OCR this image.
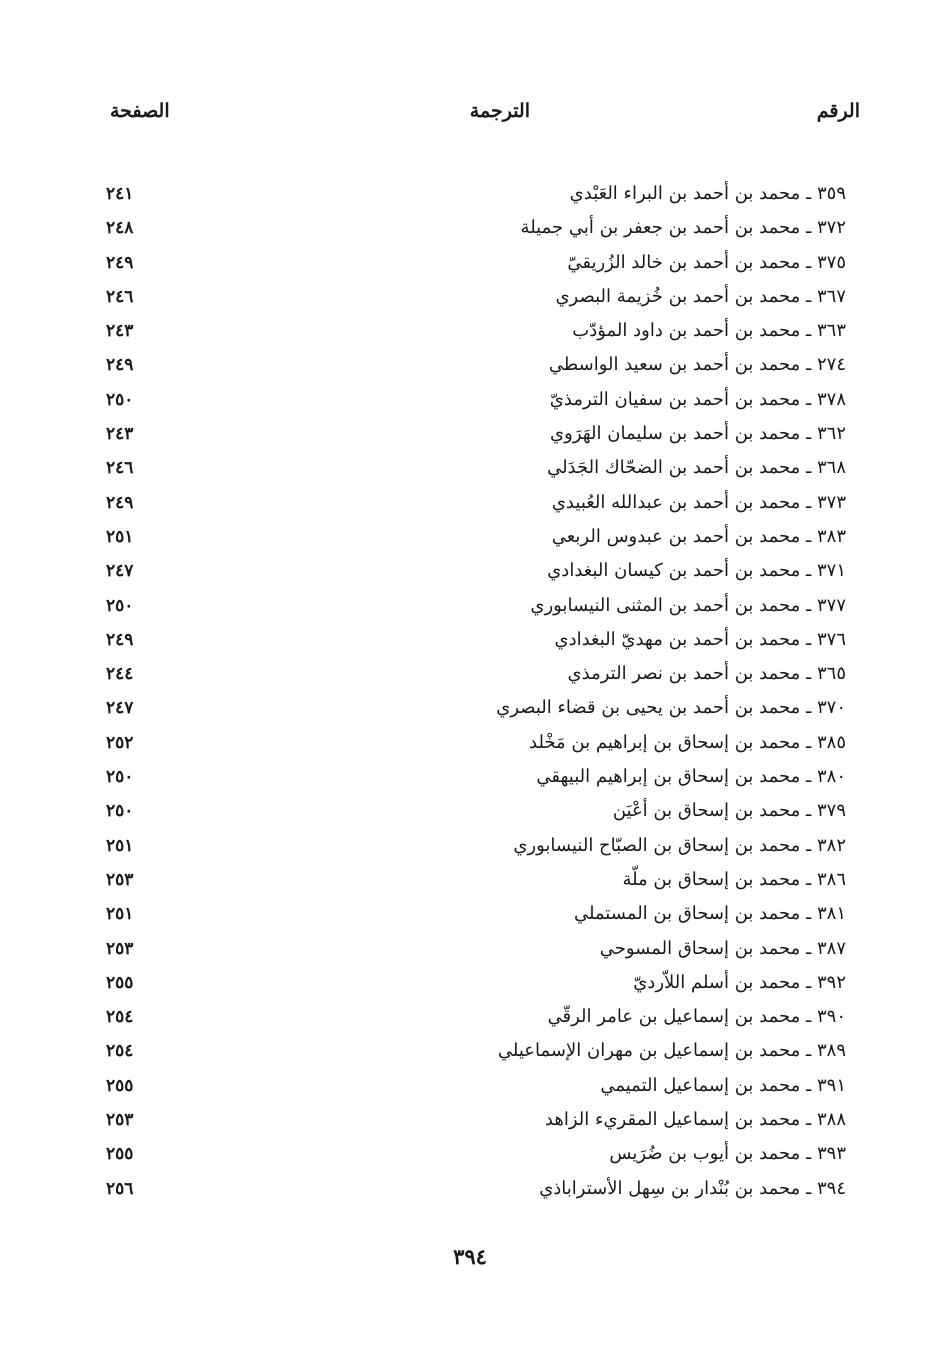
الرقم
الترجمة
الصفحة
٣٥٩ ـ محمد بن أحمد بن البراء العَبْدي
٢٤١
٣٧٢ ـ محمد بن أحمد بن جعفر بن أبي جميلة
٢٤٨
٣٧٥ ـ محمد بن أحمد بن خالد الزُريقيّ
٢٤٩
٣٦٧ ـ محمد بن أحمد بن خُزيمة البصري
٢٤٦
٣٦٣ ـ محمد بن أحمد بن داود المؤدّب
٢٤٣
٢٧٤ ـ محمد بن أحمد بن سعيد الواسطي
٢٤٩
٣٧٨ ـ محمد بن أحمد بن سفيان الترمذيّ
٢٥٠
٣٦٢ ـ محمد بن أحمد بن سليمان الهَرَوي
٢٤٣
٣٦٨ ـ محمد بن أحمد بن الضحّاك الجَدَلي
٢٤٦
٣٧٣ ـ محمد بن أحمد بن عبدالله العُبيدي
٢٤٩
٣٨٣ ـ محمد بن أحمد بن عبدوس الربعي
٢٥١
٣٧١ ـ محمد بن أحمد بن كيسان البغدادي
٢٤٧
٣٧٧ ـ محمد بن أحمد بن المثنى النيسابوري
٢٥٠
٣٧٦ ـ محمد بن أحمد بن مهديّ البغدادي
٢٤٩
٣٦٥ ـ محمد بن أحمد بن نصر الترمذي
٢٤٤
٣٧٠ ـ محمد بن أحمد بن يحيى بن قضاء البصري
٢٤٧
٣٨٥ ـ محمد بن إسحاق بن إبراهيم بن مَخْلد
٢٥٢
٣٨٠ ـ محمد بن إسحاق بن إبراهيم البيهقي
٢٥٠
٣٧٩ ـ محمد بن إسحاق بن أعْيَن
٢٥٠
٣٨٢ ـ محمد بن إسحاق بن الصبّاح النيسابوري
٢٥١
٣٨٦ ـ محمد بن إسحاق بن ملّة
٢٥٣
٣٨١ ـ محمد بن إسحاق بن المستملي
٢٥١
٣٨٧ ـ محمد بن إسحاق المسوحي
٢٥٣
٣٩٢ ـ محمد بن أسلم اللاّرديّ
٢٥٥
٣٩٠ ـ محمد بن إسماعيل بن عامر الرقّي
٢٥٤
٣٨٩ ـ محمد بن إسماعيل بن مهران الإسماعيلي
٢٥٤
٣٩١ ـ محمد بن إسماعيل التميمي
٢٥٥
٣٨٨ ـ محمد بن إسماعيل المقريء الزاهد
٢٥٣
٣٩٣ ـ محمد بن أيوب بن ضُرَيس
٢٥٥
٣٩٤ ـ محمد بن بُنْدار بن سِهل الأستراباذي
٢٥٦
٣٩٤
